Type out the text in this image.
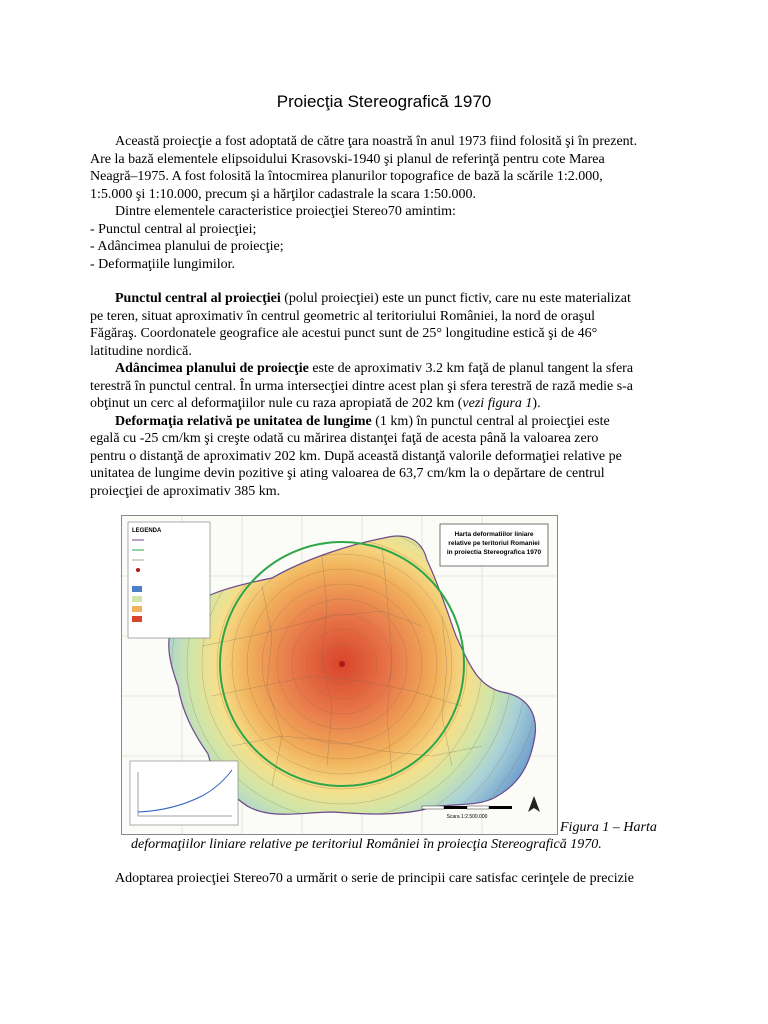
Proiecţia Stereografică 1970

Această proiecţie a fost adoptată de către ţara noastră în anul 1973 fiind folosită şi în prezent.

Are la bază elementele elipsoidului Krasovski-1940 şi planul de referinţă pentru cote Marea

Neagră–1975. A fost folosită la întocmirea planurilor topografice de bază la scările 1:2.000,

1:5.000 şi 1:10.000, precum şi a hărţilor cadastrale la scara 1:50.000.

Dintre elementele caracteristice proiecţiei Stereo70 amintim:

- Punctul central al proiecţiei;

- Adâncimea planului de proiecţie;

- Deformaţiile lungimilor.

Punctul central al proiecţiei (polul proiecţiei) este un punct fictiv, care nu este materializat

pe teren, situat aproximativ în centrul geometric al teritoriului României, la nord de oraşul

Făgăraş. Coordonatele geografice ale acestui punct sunt de 25° longitudine estică şi de 46°

latitudine nordică.

Adâncimea planului de proiecţie este de aproximativ 3.2 km faţă de planul tangent la sfera

terestră în punctul central. În urma intersecţiei dintre acest plan şi sfera terestră de rază medie s-a

obţinut un cerc al deformaţiilor nule cu raza apropiată de 202 km (vezi figura 1).

Deformaţia relativă pe unitatea de lungime (1 km) în punctul central al proiecţiei este

egală cu -25 cm/km şi creşte odată cu mărirea distanţei faţă de acesta până la valoarea zero

pentru o distanţă de aproximativ 202 km. După această distanţă valorile deformaţiei relative pe

unitatea de lungime devin pozitive şi ating valoarea de 63,7 cm/km la o depărtare de centrul

proiecţiei de aproximativ 385 km.

LEGENDA	Harta deformatiilor liniare
relative pe teritoriul Romaniei
in proiectia Stereografica 1970
Scara 1:2.500.000
Figura 1 – Harta
deformaţiilor liniare relative pe teritoriul României în proiecţia Stereografică 1970.
Adoptarea proiecţiei Stereo70 a urmărit o serie de principii care satisfac cerinţele de precizie
